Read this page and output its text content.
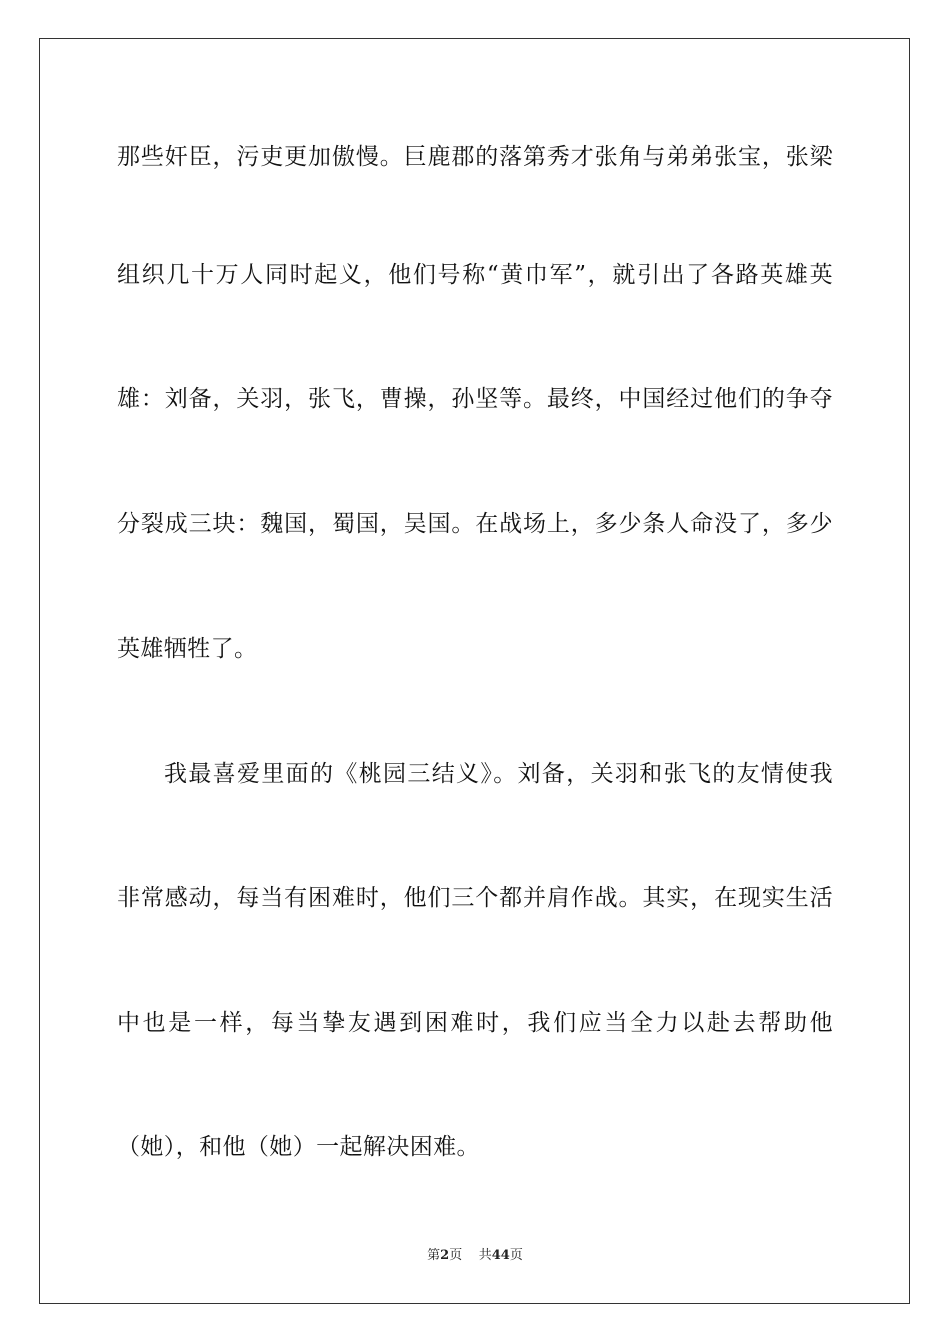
那些奸臣，污吏更加傲慢。巨鹿郡的落第秀才张角与弟弟张宝，张梁
组织几十万人同时起义，他们号称“黄巾军”，就引出了各路英雄英
雄：刘备，关羽，张飞，曹操，孙坚等。最终，中国经过他们的争夺
分裂成三块：魏国，蜀国，吴国。在战场上，多少条人命没了，多少
英雄牺牲了。
我最喜爱里面的《桃园三结义》。刘备，关羽和张飞的友情使我
非常感动，每当有困难时，他们三个都并肩作战。其实，在现实生活
中也是一样，每当挚友遇到困难时，我们应当全力以赴去帮助他
（她），和他（她）一起解决困难。
第2页 共44页
